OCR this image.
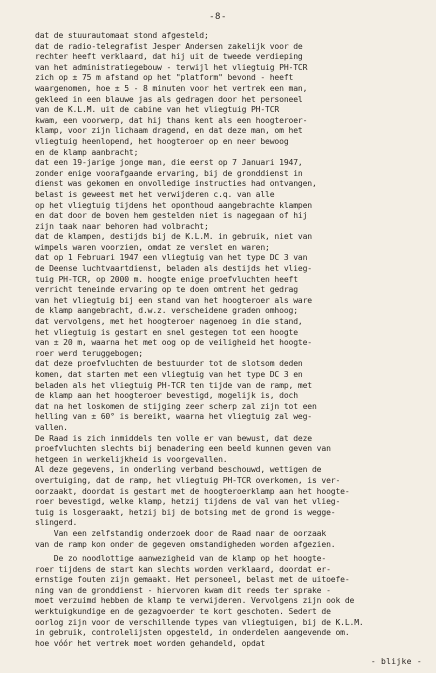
-8-
dat de stuurautomaat stond afgesteld;
dat de radio-telegrafist Jesper Andersen zakelijk voor de
rechter heeft verklaard, dat hij uit de tweede verdieping
van het administratiegebouw - terwijl het vliegtuig PH-TCR
zich op ± 75 m afstand op het "platform" bevond - heeft
waargenomen, hoe ± 5 - 8 minuten voor het vertrek een man,
gekleed in een blauwe jas als gedragen door het personeel
van de K.L.M. uit de cabine van het vliegtuig PH-TCR
kwam, een voorwerp, dat hij thans kent als een hoogteroer-
klamp, voor zijn lichaam dragend, en dat deze man, om het
vliegtuig heenlopend, het hoogteroer op en neer bewoog
en de klamp aanbracht;
dat een 19-jarige jonge man, die eerst op 7 Januari 1947,
zonder enige voorafgaande ervaring, bij de gronddienst in
dienst was gekomen en onvolledige instructies had ontvangen,
belast is geweest met het verwijderen c.q. van alle
op het vliegtuig tijdens het oponthoud aangebrachte klampen
en dat door de boven hem gestelden niet is nagegaan of hij
zijn taak naar behoren had volbracht;
dat de klampen, destijds bij de K.L.M. in gebruik, niet van
wimpels waren voorzien, omdat ze verslet en waren;
dat op 1 Februari 1947 een vliegtuig van het type DC 3 van
de Deense luchtvaartdienst, beladen als destijds het vlieg-
tuig PH-TCR, op 2000 m. hoogte enige proefvluchten heeft
verricht teneinde ervaring op te doen omtrent het gedrag
van het vliegtuig bij een stand van het hoogteroer als ware
de klamp aangebracht, d.w.z. verscheidene graden omhoog;
dat vervolgens, met het hoogteroer nagenoeg in die stand,
het vliegtuig is gestart en snel gestegen tot een hoogte
van ± 20 m, waarna het met oog op de veiligheid het hoogte-
roer werd teruggebogen;
dat deze proefvluchten de bestuurder tot de slotsom deden
komen, dat starten met een vliegtuig van het type DC 3 en
beladen als het vliegtuig PH-TCR ten tijde van de ramp, met
de klamp aan het hoogteroer bevestigd, mogelijk is, doch
dat na het loskomen de stijging zeer scherp zal zijn tot een
helling van ± 60° is bereikt, waarna het vliegtuig zal weg-
vallen.
De Raad is zich inmiddels ten volle er van bewust, dat deze
proefvluchten slechts bij benadering een beeld kunnen geven van
hetgeen in werkelijkheid is voorgevallen.
Al deze gegevens, in onderling verband beschouwd, wettigen de
overtuiging, dat de ramp, het vliegtuig PH-TCR overkomen, is ver-
oorzaakt, doordat is gestart met de hoogteroerklamp aan het hoogte-
roer bevestigd, welke klamp, hetzij tijdens de val van het vlieg-
tuig is losgeraakt, hetzij bij de botsing met de grond is wegge-
slingerd.
Van een zelfstandig onderzoek door de Raad naar de oorzaak
van de ramp kon onder de gegeven omstandigheden worden afgezien.
De zo noodlottige aanwezigheid van de klamp op het hoogte-
roer tijdens de start kan slechts worden verklaard, doordat er-
ernstige fouten zijn gemaakt. Het personeel, belast met de uitoefe-
ning van de gronddienst - hiervoren kwam dit reeds ter sprake -
moet verzuimd hebben de klamp te verwijderen. Vervolgens zijn ook de
werktuigkundige en de gezagvoerder te kort geschoten. Sedert de
oorlog zijn voor de verschillende types van vliegtuigen, bij de K.L.M.
in gebruik, controlelijsten opgesteld, in onderdelen aangevende om.
hoe vóór het vertrek moet worden gehandeld, opdat
- blijke -
